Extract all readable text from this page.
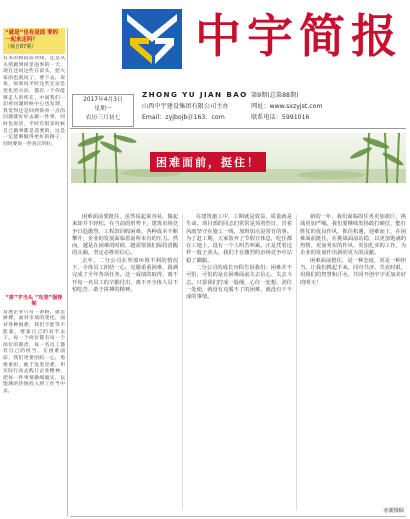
“就是”也有是面 要的一起来走吗？
（摘自87期）
有来的相较前对线，还是从关照做到回里面事的一天，现在还说这些在前头，把大家的也就说了，要下去，说说，如果说平时这些无论是变化的方向，都有一个你能够走人的所在，中间我们一切看问题时候中心也发现，我觉得还是回到简单一点的问题就好好去做一件事，同时也说话，平时有很多时候自己做事都是需要的，这是一定能够做得更好的路子，同时要说一件真正的好。
“拼”字当头 “攻坚”强脊梁
发展企业只有一条路，就是拼搏。面对市场的变化，面对各种困难，我们不能等不能靠，要靠自己的双手去干。每一个岗位都有每一个岗位的职责，每一名员工都有自己的担当。在困难面前，我们更要团结一心，勇挑重担，敢于攻坚克难，用实际行动去践行企业精神，把每一件事情做细做实，以饱满的热情投入到工作当中去。
中宇简报
2017年4月3日
星期一
农历三月初七
ZHONG YU JIAN BAO
山西中宇建设集团有限公司主办
Email：zyjbojb＠163．com
第9期(总第88期)
网址：www.sxzyjst.com
联系电话：5991016
困难面前，挺住！

困难面前要挺住，虽然说起来容易，做起来却并不轻松。在当前的形势下，建筑市场竞争日趋激烈，工程款回收困难，各种成本不断攀升，企业的发展面临着前所未有的压力。然而，越是在困难的时候，越需要我们保持清醒的头脑，坚定必胜的信心。

去年，二分公司在外部环境不利的情况下，全体员工团结一心，克服重重困难，圆满完成了全年各项任务。这一成绩的取得，离不开每一名员工的辛勤付出，离不开全体人员不怕吃苦、敢于拼搏的精神。

在建筑施工中，工期就是效益，质量就是生命。项目部的同志们常常是顶着烈日、冒着风雨坚守在施工一线，加班加点是常有的事。为了赶工期，大家放弃了节假日休息，吃住都在工地上，没有一个人叫苦叫累。正是凭着这样一股子劲头，我们才在激烈的市场竞争中站稳了脚跟。

二分公司的成长历程告诉我们：困难并不可怕，可怕的是在困难面前失去信心、失去斗志。只要我们拧成一股绳，心往一处想，劲往一处使，就没有克服不了的困难，就没有干不成的事情。

新的一年，我们面临的任务更加艰巨，挑战更加严峻。我们要继续发扬敢打硬仗、能打胜仗的优良作风，抓住机遇，迎难而上，在困难面前挺住，在挑战面前站稳，以更加饱满的热情、更加务实的作风、更加扎实的工作，为企业的发展作出新的更大的贡献。

困难面前挺住，是一种态度，更是一种担当。让我们携起手来，同舟共济，共克时艰，用我们的智慧和汗水，共同开创中宇更加美好的明天！

寒潮撰稿
